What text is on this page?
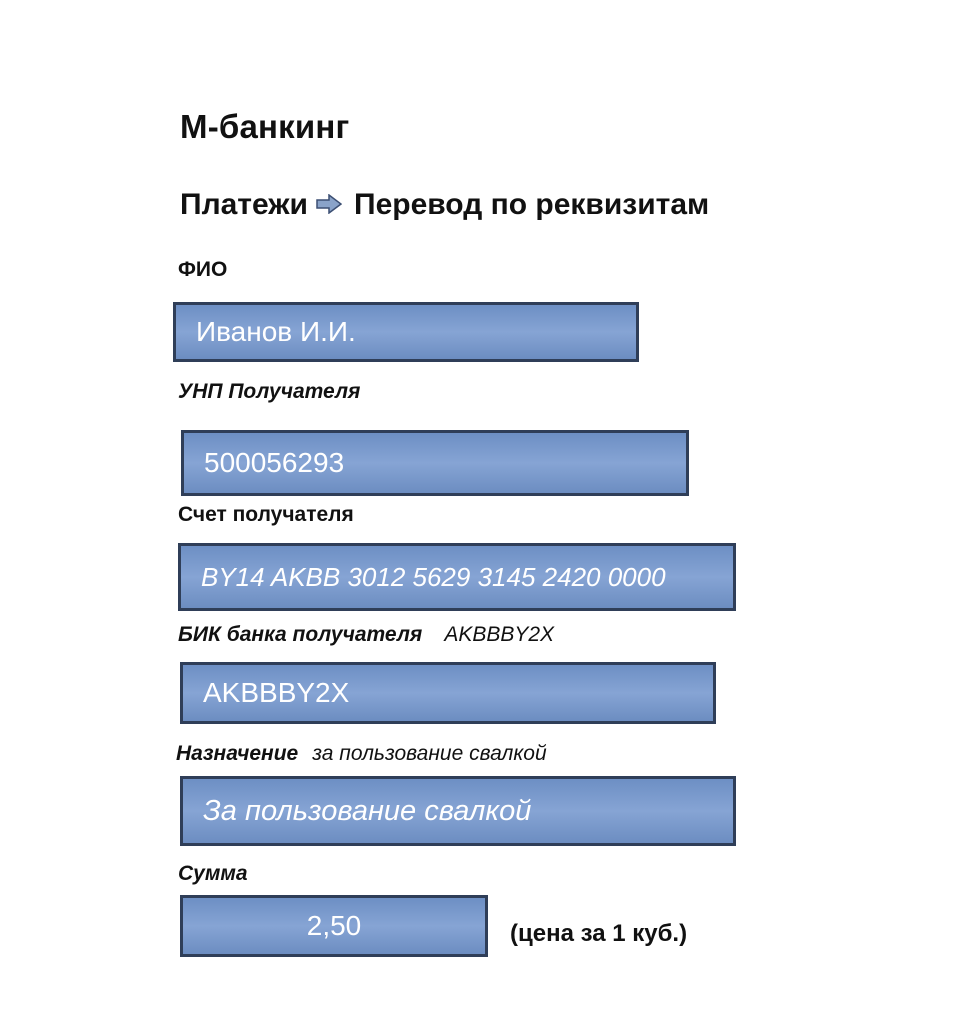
М-банкинг
Платежи Перевод по реквизитам
ФИО
Иванов И.И.
УНП Получателя
500056293
Счет получателя
BY14 AKBB 3012 5629 3145 2420 0000
БИК банка получателя AKBBBY2X
AKBBBY2X
Назначение за пользование свалкой
За пользование свалкой
Сумма
2,50	(цена за 1 куб.)
